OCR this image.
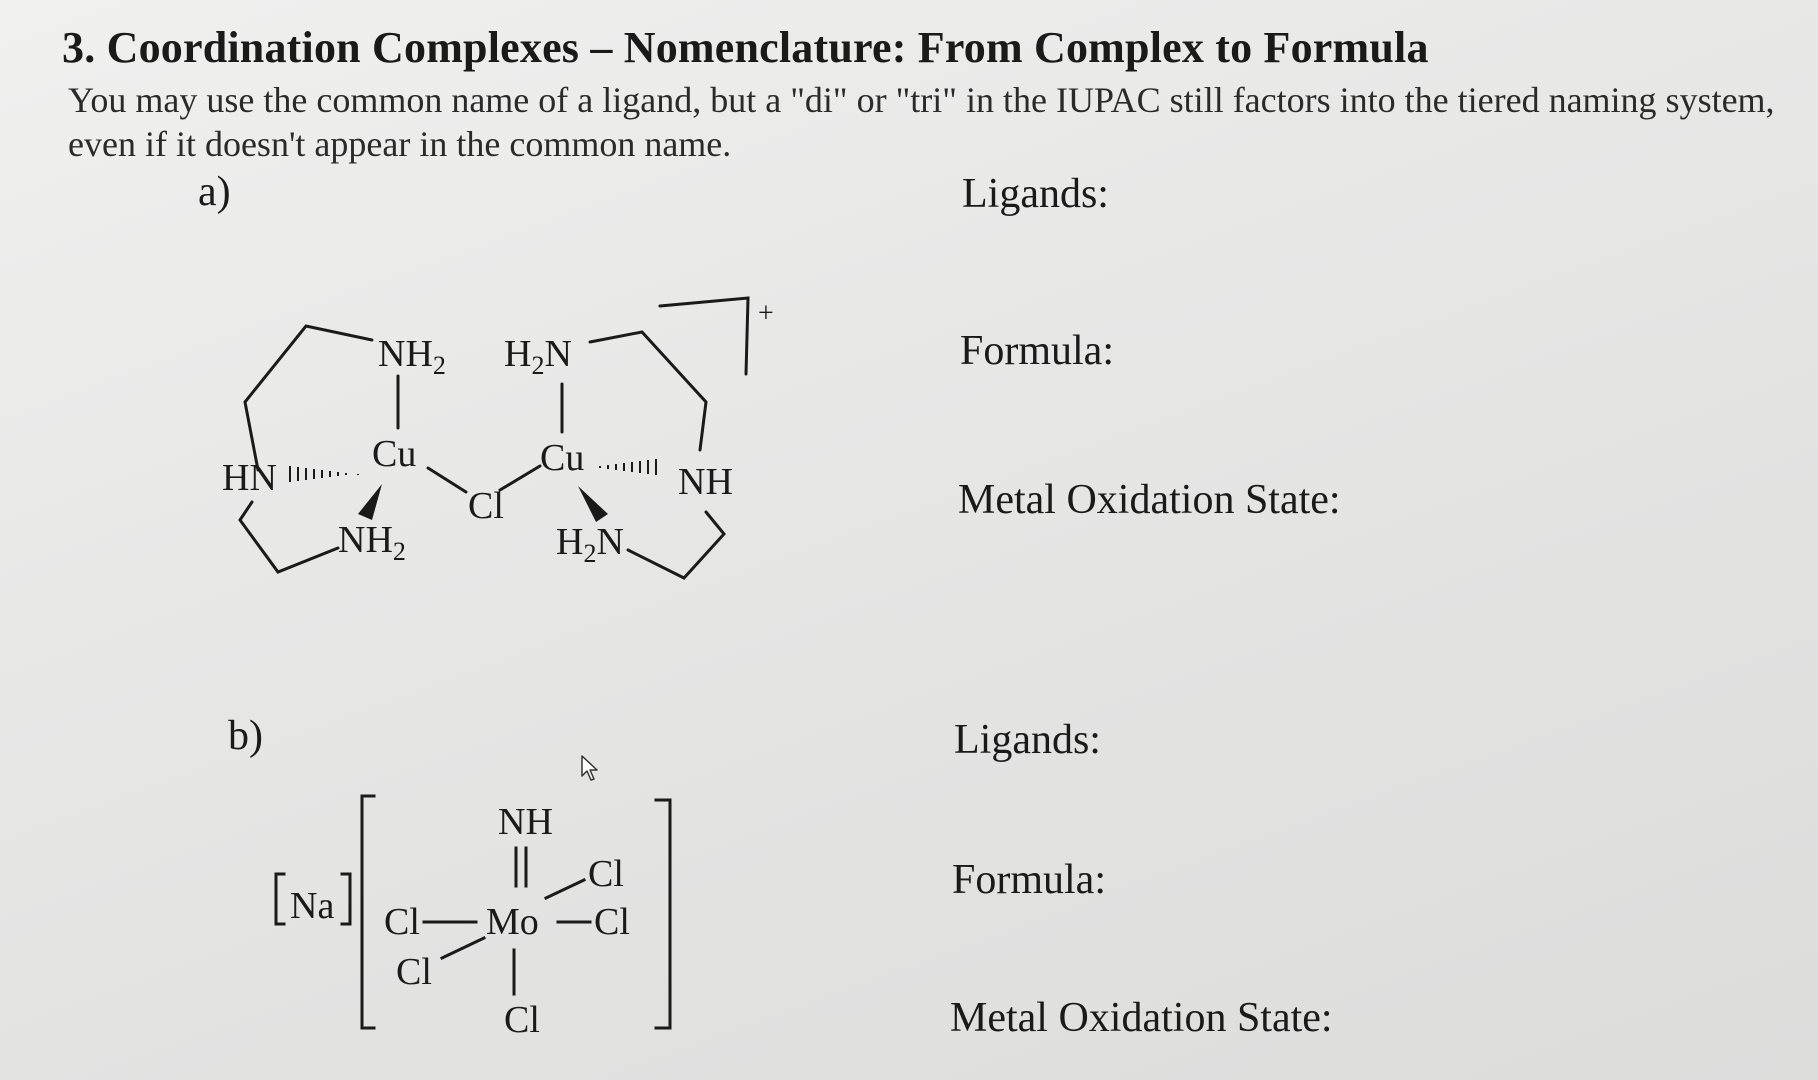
3. Coordination Complexes – Nomenclature: From Complex to Formula
You may use the common name of a ligand, but a "di" or "tri" in the IUPAC still factors into the tiered naming system, even if it doesn't appear in the common name.
a)	Ligands:
Formula:
Metal Oxidation State:
$NH_2$ $H_2N$
Cu	Cu
HN	NH
Cl
$NH_2$	$H_2N$
+
b)	Ligands:
Formula:
Metal Oxidation State:
Na
NH
Cl
Cl Mo Cl
Cl
Cl
